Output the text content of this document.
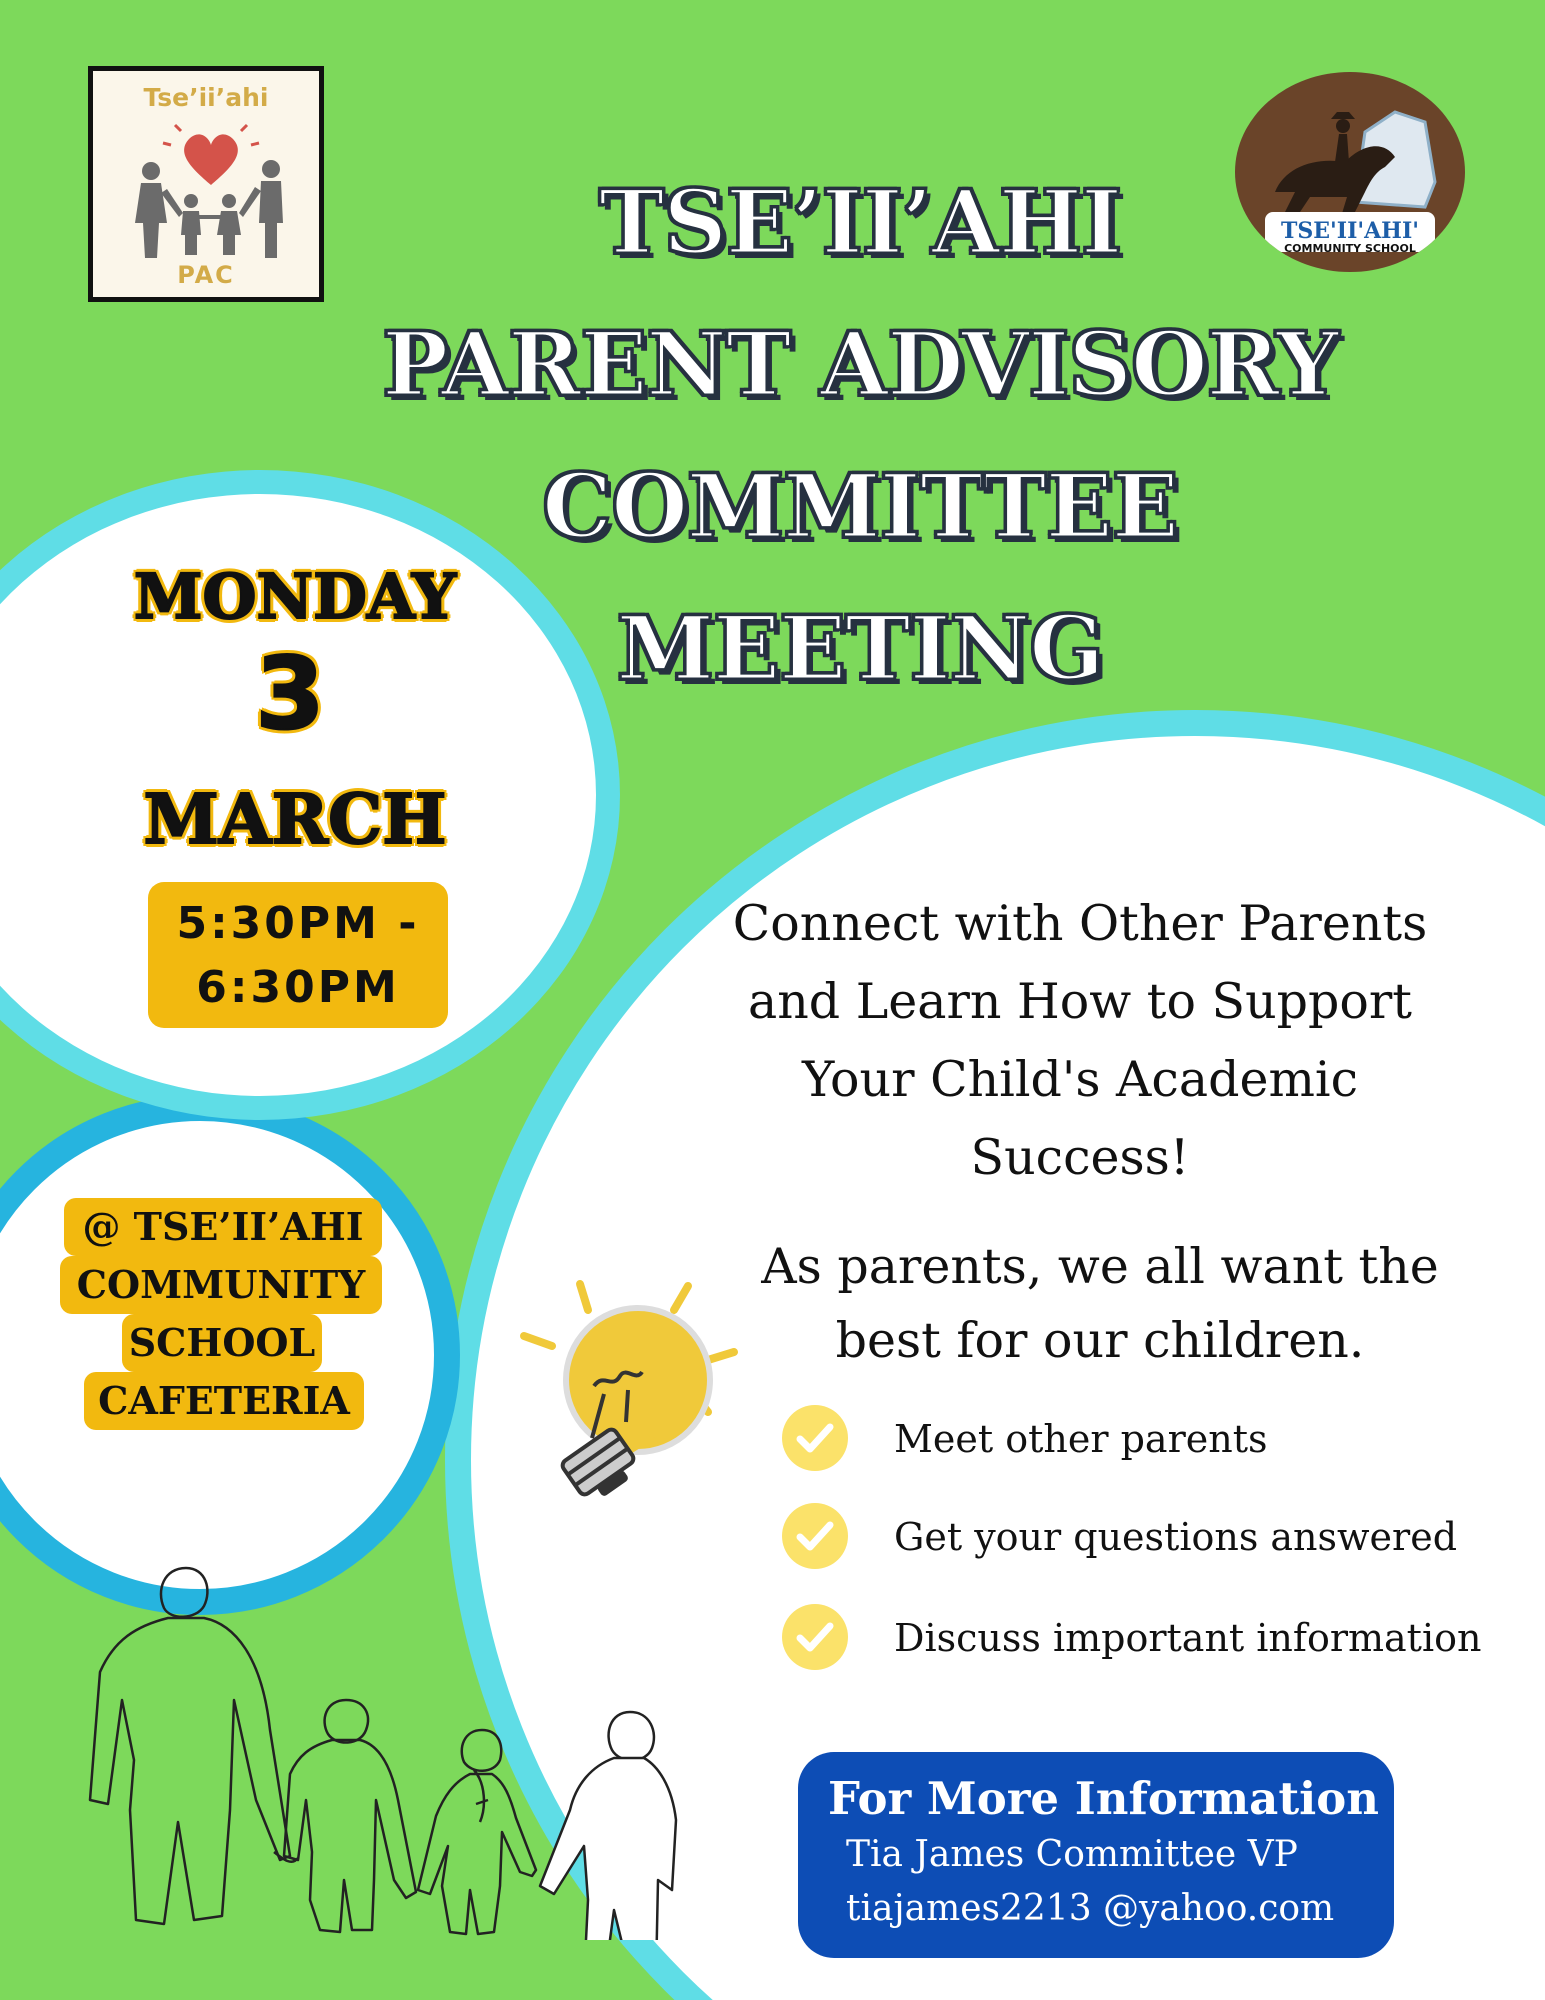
Tse’ii’ahi
PAC
TSE'II'AHI'
COMMUNITY SCHOOL
TSE’II’AHI
PARENT ADVISORY
COMMITTEE
MEETING
MONDAY
3
MARCH
5:30PM -
6:30PM
@ TSE’II’AHI
COMMUNITY
SCHOOL
CAFETERIA
Connect with Other Parents
and Learn How to Support
Your Child's Academic
Success!
As parents, we all want the
best for our children.
Meet other parents
Get your questions answered
Discuss important information
For More Information
Tia James Committee VP
tiajames2213 @yahoo.com
